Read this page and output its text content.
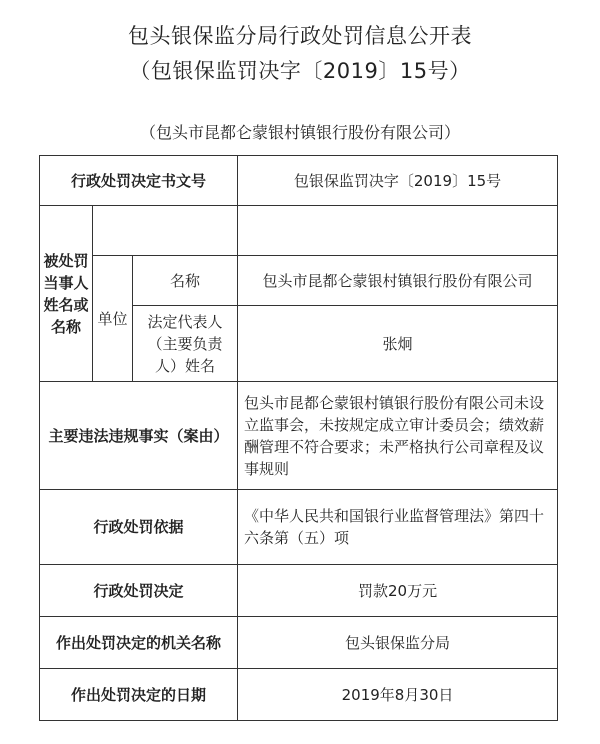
包头银保监分局行政处罚信息公开表
（包银保监罚决字〔2019〕15号）
（包头市昆都仑蒙银村镇银行股份有限公司）
行政处罚决定书文号			包银保监罚决字〔2019〕15号
被处罚当事人姓名或名称			
	单位	名称	包头市昆都仑蒙银村镇银行股份有限公司
		法定代表人（主要负责人）姓名	张炯
主要违法违规事实（案由）			包头市昆都仑蒙银村镇银行股份有限公司未设立监事会，未按规定成立审计委员会；绩效薪酬管理不符合要求；未严格执行公司章程及议事规则
行政处罚依据			《中华人民共和国银行业监督管理法》第四十六条第（五）项
行政处罚决定			罚款20万元
作出处罚决定的机关名称			包头银保监分局
作出处罚决定的日期			2019年8月30日
